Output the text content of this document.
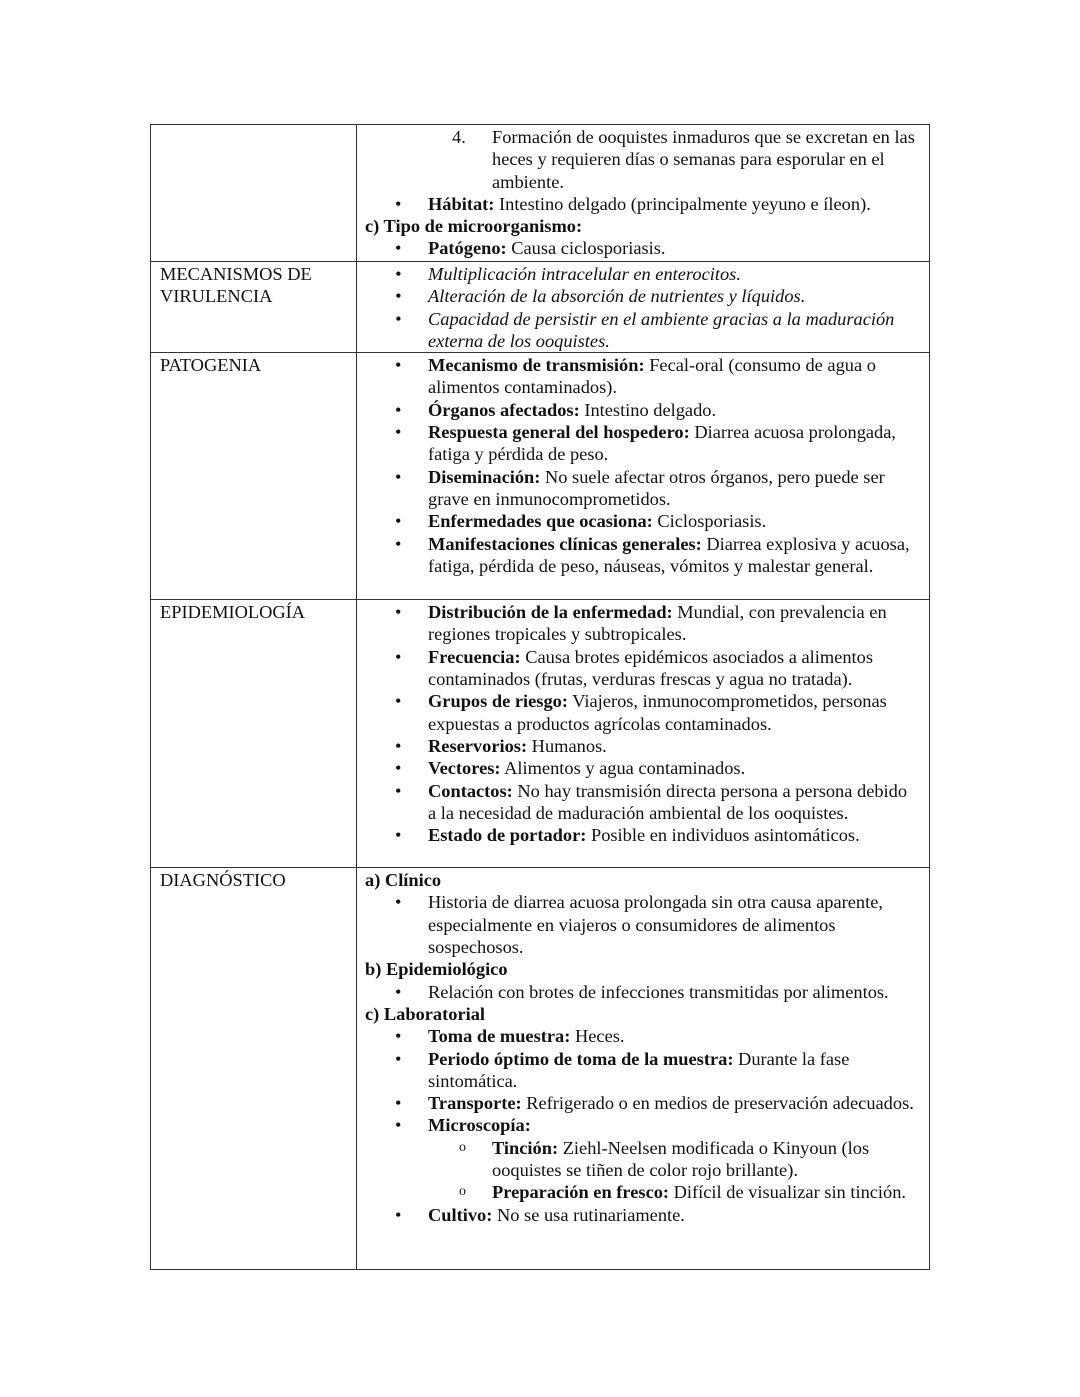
4. Formación de ooquistes inmaduros que se excretan en las heces y requieren días o semanas para esporular en el ambiente.
• Hábitat: Intestino delgado (principalmente yeyuno e íleon).
c) Tipo de microorganismo:
• Patógeno: Causa ciclosporiasis.

MECANISMOS DE VIRULENCIA	
• Multiplicación intracelular en enterocitos.
• Alteración de la absorción de nutrientes y líquidos.
• Capacidad de persistir en el ambiente gracias a la maduración externa de los ooquistes.

PATOGENIA	• Mecanismo de transmisión: Fecal-oral (consumo de agua o alimentos contaminados).
• Órganos afectados: Intestino delgado.
• Respuesta general del hospedero: Diarrea acuosa prolongada, fatiga y pérdida de peso.
• Diseminación: No suele afectar otros órganos, pero puede ser grave en inmunocomprometidos.
• Enfermedades que ocasiona: Ciclosporiasis.
• Manifestaciones clínicas generales: Diarrea explosiva y acuosa, fatiga, pérdida de peso, náuseas, vómitos y malestar general.

EPIDEMIOLOGÍA	• Distribución de la enfermedad: Mundial, con prevalencia en regiones tropicales y subtropicales.
• Frecuencia: Causa brotes epidémicos asociados a alimentos contaminados (frutas, verduras frescas y agua no tratada).
• Grupos de riesgo: Viajeros, inmunocomprometidos, personas expuestas a productos agrícolas contaminados.
• Reservorios: Humanos.
• Vectores: Alimentos y agua contaminados.
• Contactos: No hay transmisión directa persona a persona debido a la necesidad de maduración ambiental de los ooquistes.
• Estado de portador: Posible en individuos asintomáticos.

DIAGNÓSTICO	a) Clínico
• Historia de diarrea acuosa prolongada sin otra causa aparente, especialmente en viajeros o consumidores de alimentos sospechosos.
b) Epidemiológico
• Relación con brotes de infecciones transmitidas por alimentos.
c) Laboratorial
• Toma de muestra: Heces.
• Periodo óptimo de toma de la muestra: Durante la fase sintomática.
• Transporte: Refrigerado o en medios de preservación adecuados.
• Microscopía:
o Tinción: Ziehl-Neelsen modificada o Kinyoun (los ooquistes se tiñen de color rojo brillante).
o Preparación en fresco: Difícil de visualizar sin tinción.
• Cultivo: No se usa rutinariamente.
